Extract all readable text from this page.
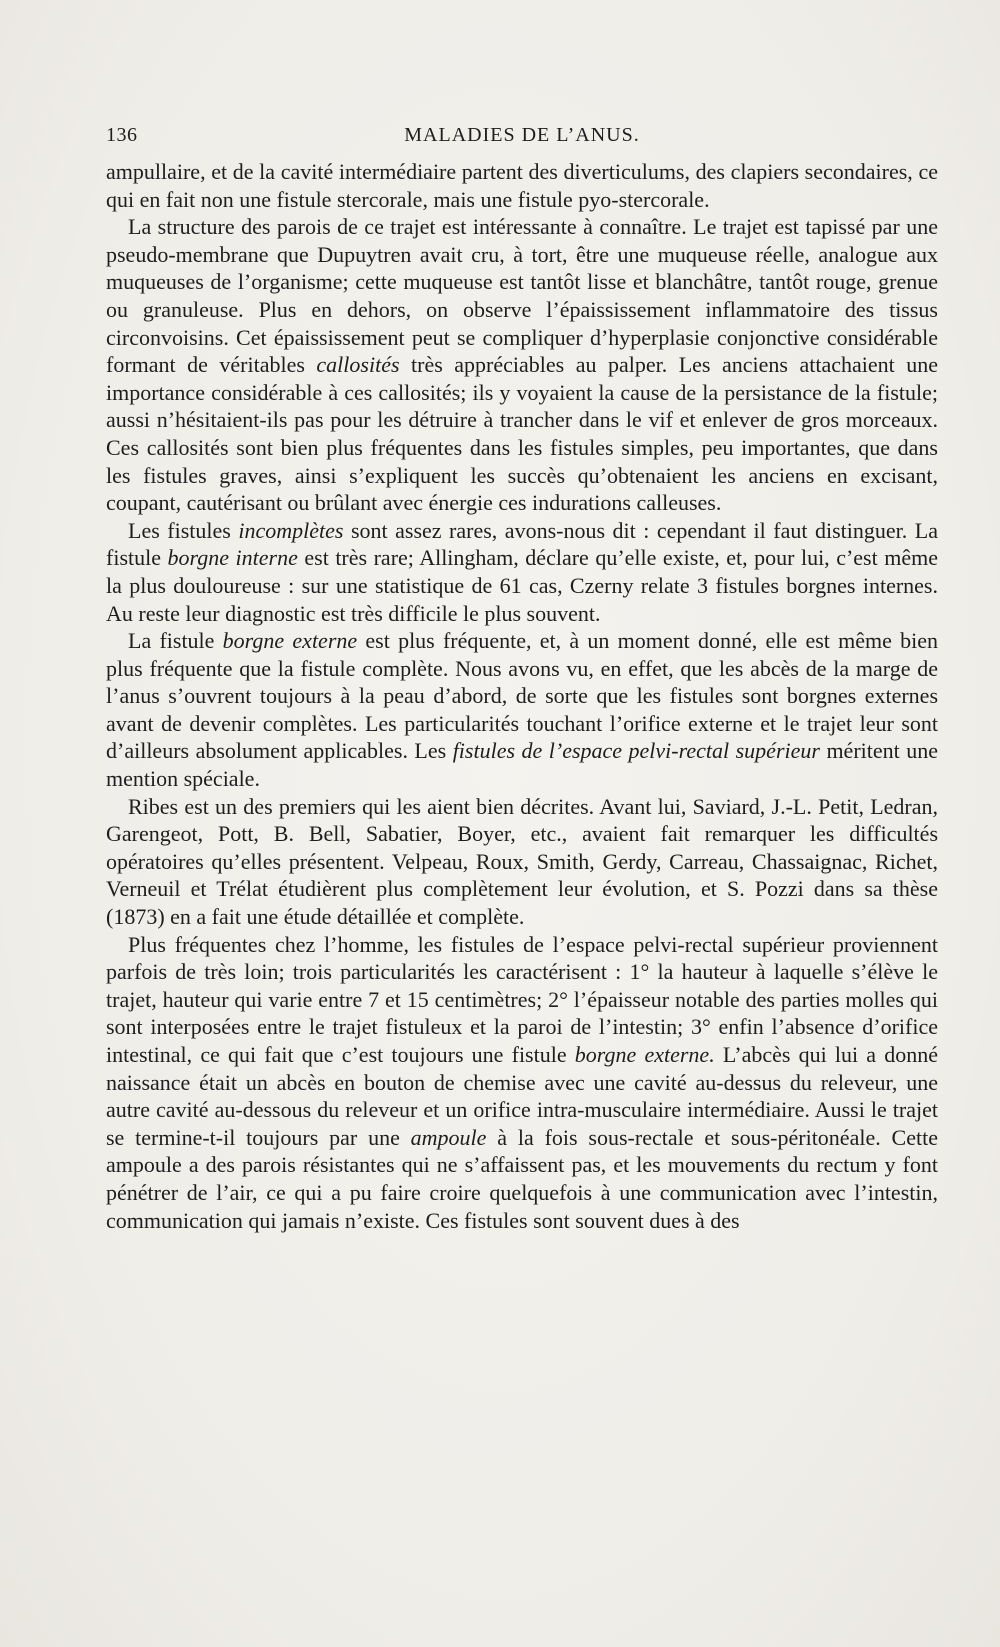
136	MALADIES DE L’ANUS.

ampullaire, et de la cavité intermédiaire partent des diverticulums, des clapiers secondaires, ce qui en fait non une fistule stercorale, mais une fistule pyo-stercorale.

La structure des parois de ce trajet est intéressante à connaître. Le trajet est tapissé par une pseudo-membrane que Dupuytren avait cru, à tort, être une muqueuse réelle, analogue aux muqueuses de l’organisme; cette muqueuse est tantôt lisse et blanchâtre, tantôt rouge, grenue ou granuleuse. Plus en dehors, on observe l’épaississement inflammatoire des tissus circonvoisins. Cet épaississement peut se compliquer d’hyperplasie conjonctive considérable formant de véritables callosités très appréciables au palper. Les anciens attachaient une importance considérable à ces callosités; ils y voyaient la cause de la persistance de la fistule; aussi n’hésitaient-ils pas pour les détruire à trancher dans le vif et enlever de gros morceaux. Ces callosités sont bien plus fréquentes dans les fistules simples, peu importantes, que dans les fistules graves, ainsi s’expliquent les succès qu’obtenaient les anciens en excisant, coupant, cautérisant ou brûlant avec énergie ces indurations calleuses.

Les fistules incomplètes sont assez rares, avons-nous dit : cependant il faut distinguer. La fistule borgne interne est très rare; Allingham, déclare qu’elle existe, et, pour lui, c’est même la plus douloureuse : sur une statistique de 61 cas, Czerny relate 3 fistules borgnes internes. Au reste leur diagnostic est très difficile le plus souvent.

La fistule borgne externe est plus fréquente, et, à un moment donné, elle est même bien plus fréquente que la fistule complète. Nous avons vu, en effet, que les abcès de la marge de l’anus s’ouvrent toujours à la peau d’abord, de sorte que les fistules sont borgnes externes avant de devenir complètes. Les particularités touchant l’orifice externe et le trajet leur sont d’ailleurs absolument applicables. Les fistules de l’espace pelvi-rectal supérieur méritent une mention spéciale.

Ribes est un des premiers qui les aient bien décrites. Avant lui, Saviard, J.-L. Petit, Ledran, Garengeot, Pott, B. Bell, Sabatier, Boyer, etc., avaient fait remarquer les difficultés opératoires qu’elles présentent. Velpeau, Roux, Smith, Gerdy, Carreau, Chassaignac, Richet, Verneuil et Trélat étudièrent plus complètement leur évolution, et S. Pozzi dans sa thèse (1873) en a fait une étude détaillée et complète.

Plus fréquentes chez l’homme, les fistules de l’espace pelvi-rectal supérieur proviennent parfois de très loin; trois particularités les caractérisent : 1° la hauteur à laquelle s’élève le trajet, hauteur qui varie entre 7 et 15 centimètres; 2° l’épaisseur notable des parties molles qui sont interposées entre le trajet fistuleux et la paroi de l’intestin; 3° enfin l’absence d’orifice intestinal, ce qui fait que c’est toujours une fistule borgne externe. L’abcès qui lui a donné naissance était un abcès en bouton de chemise avec une cavité au-dessus du releveur, une autre cavité au-dessous du releveur et un orifice intra-musculaire intermédiaire. Aussi le trajet se termine-t-il toujours par une ampoule à la fois sous-rectale et sous-péritonéale. Cette ampoule a des parois résistantes qui ne s’affaissent pas, et les mouvements du rectum y font pénétrer de l’air, ce qui a pu faire croire quelquefois à une communication avec l’intestin, communication qui jamais n’existe. Ces fistules sont souvent dues à des
